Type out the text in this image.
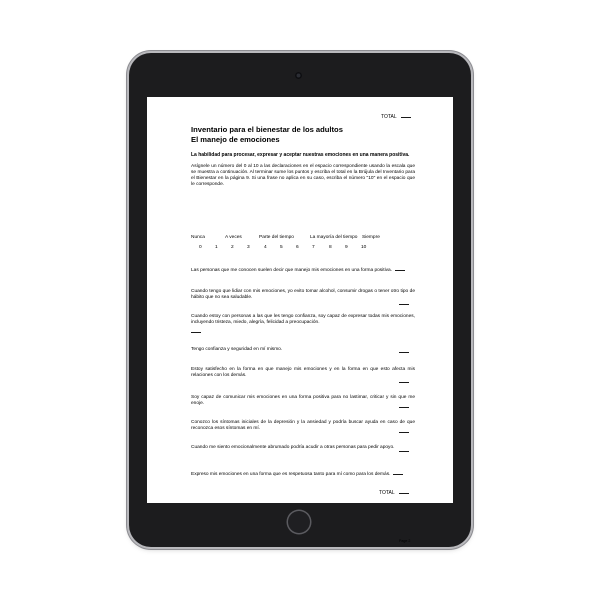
TOTAL
Inventario para el bienestar de los adultos
El manejo de emociones
La habilidad para procesar, expresar y aceptar nuestras emociones en una manera positiva.
Asígnele un número del 0 al 10 a las declaraciones en el espacio correspondiente usando la escala que se muestra a continuación. Al terminar sume los puntos y escriba el total en la Brújula del Inventario para el Bienestar en la página 9. Si una frase no aplica en su caso, escriba el número "10" en el espacio que le corresponde.
Nunca	A veces	Parte del tiempo	La mayoría del tiempo Siempre
0	1	2	3	4	5	6	7	8	9	10
Las personas que me conocen suelen decir que manejo mis emociones en una forma positiva.
Cuando tengo que lidiar con mis emociones, yo evito tomar alcohol, consumir drogas o tener otro tipo de hábito que no sea saludable.
Cuando estoy con personas a las que les tengo confianza, soy capaz de expresar todas mis emociones, incluyendo tristeza, miedo, alegría, felicidad a preocupación.
Tengo confianza y seguridad en mí mismo.
Estoy satisfecho en la forma en que manejo mis emociones y en la forma en que esto afecta mis relaciones con los demás.
Soy capaz de comunicar mis emociones en una forma positiva para no lastimar, criticar y sin que me enoje.
Conozco los síntomas iniciales de la depresión y la ansiedad y podría buscar ayuda en caso de que reconozca esos síntomas en mí.
Cuando me siento emocionalmente abrumado podría acudir a otras personas para pedir apoyo.
Expreso mis emociones en una forma que es respetuosa tanto para mí como para los demás.
TOTAL
Page 2
